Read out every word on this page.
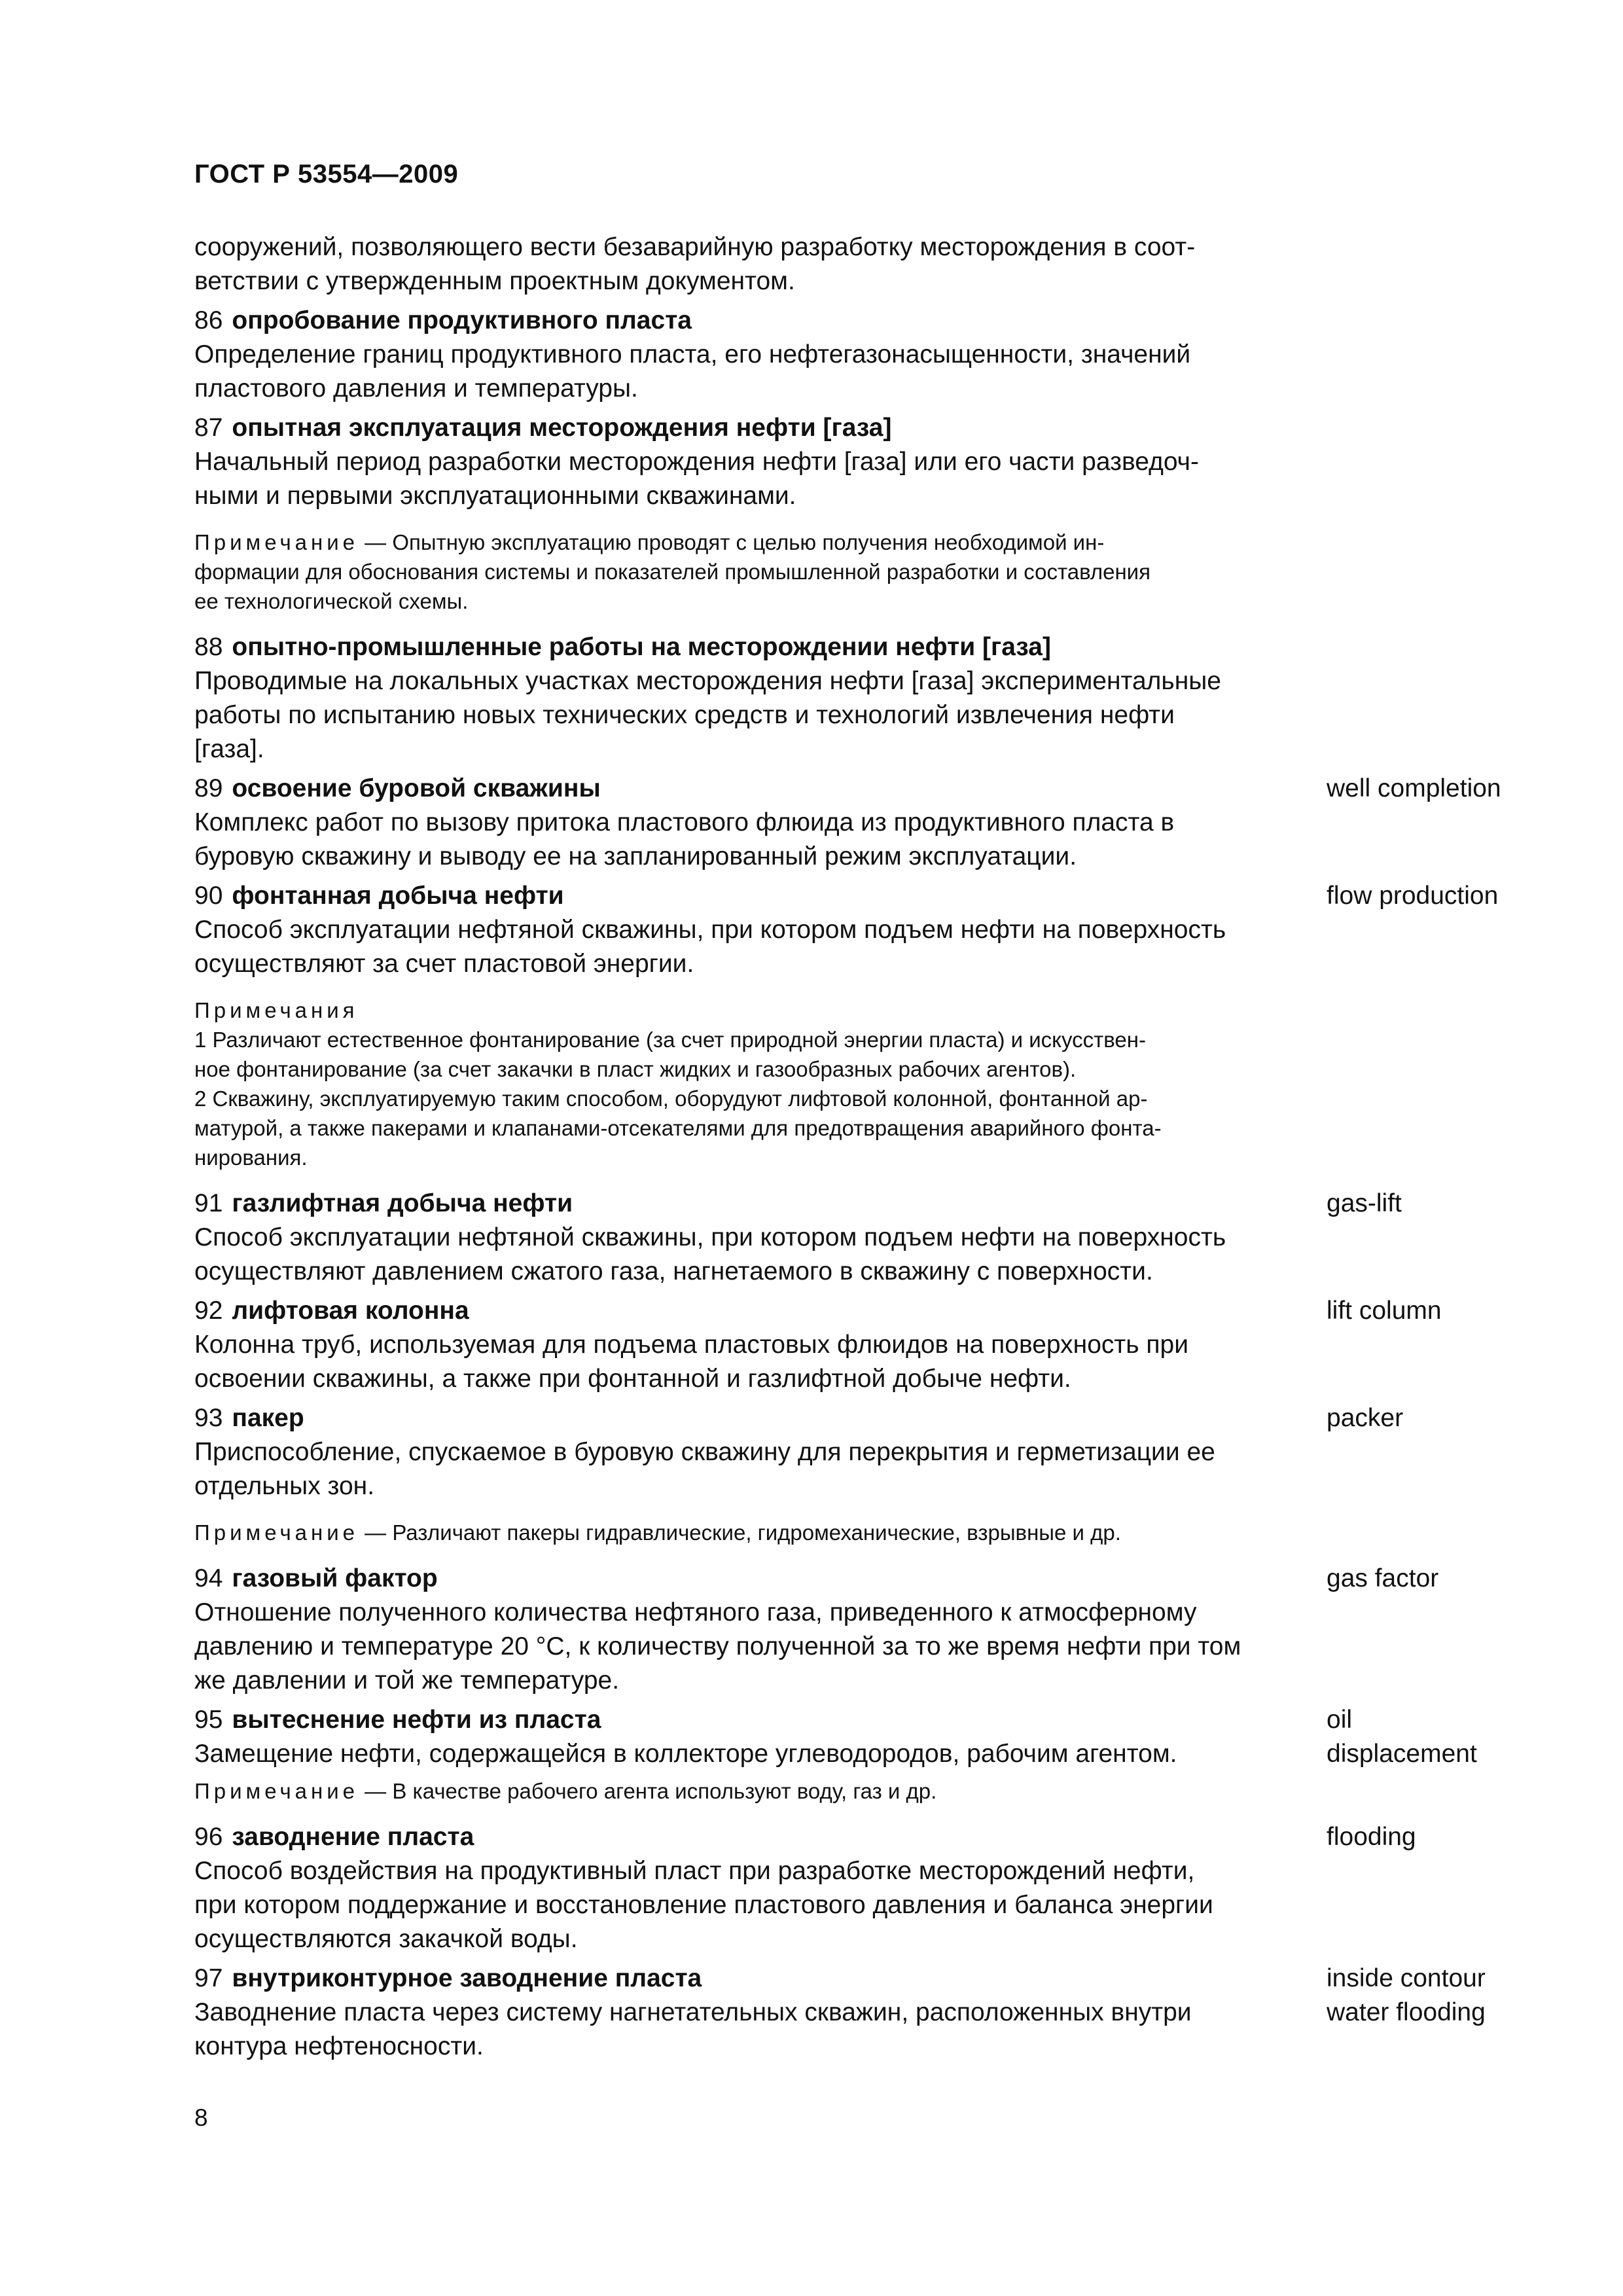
ГОСТ Р 53554—2009
сооружений, позволяющего вести безаварийную разработку месторождения в соот-
ветствии с утвержденным проектным документом.
86 опробование продуктивного пласта
Определение границ продуктивного пласта, его нефтегазонасыщенности, значений
пластового давления и температуры.
87 опытная эксплуатация месторождения нефти [газа]
Начальный период разработки месторождения нефти [газа] или его части разведоч-
ными и первыми эксплуатационными скважинами.
Примечание — Опытную эксплуатацию проводят с целью получения необходимой ин-
формации для обоснования системы и показателей промышленной разработки и составления
ее технологической схемы.
88 опытно-промышленные работы на месторождении нефти [газа]
Проводимые на локальных участках месторождения нефти [газа] экспериментальные
работы по испытанию новых технических средств и технологий извлечения нефти
[газа].
89 освоение буровой скважины
Комплекс работ по вызову притока пластового флюида из продуктивного пласта в
буровую скважину и выводу ее на запланированный режим эксплуатации.
well completion
90 фонтанная добыча нефти
Способ эксплуатации нефтяной скважины, при котором подъем нефти на поверхность
осуществляют за счет пластовой энергии.
flow production
Примечания
1 Различают естественное фонтанирование (за счет природной энергии пласта) и искусствен-
ное фонтанирование (за счет закачки в пласт жидких и газообразных рабочих агентов).
2 Скважину, эксплуатируемую таким способом, оборудуют лифтовой колонной, фонтанной ар-
матурой, а также пакерами и клапанами-отсекателями для предотвращения аварийного фонта-
нирования.
91 газлифтная добыча нефти
Способ эксплуатации нефтяной скважины, при котором подъем нефти на поверхность
осуществляют давлением сжатого газа, нагнетаемого в скважину с поверхности.
gas-lift
92 лифтовая колонна
Колонна труб, используемая для подъема пластовых флюидов на поверхность при
освоении скважины, а также при фонтанной и газлифтной добыче нефти.
lift column
93 пакер
Приспособление, спускаемое в буровую скважину для перекрытия и герметизации ее
отдельных зон.
packer
Примечание — Различают пакеры гидравлические, гидромеханические, взрывные и др.
94 газовый фактор
Отношение полученного количества нефтяного газа, приведенного к атмосферному
давлению и температуре 20 °С, к количеству полученной за то же время нефти при том
же давлении и той же температуре.
gas factor
95 вытеснение нефти из пласта
Замещение нефти, содержащейся в коллекторе углеводородов, рабочим агентом.
oil
displacement
Примечание — В качестве рабочего агента используют воду, газ и др.
96 заводнение пласта
Способ воздействия на продуктивный пласт при разработке месторождений нефти,
при котором поддержание и восстановление пластового давления и баланса энергии
осуществляются закачкой воды.
flooding
97 внутриконтурное заводнение пласта
Заводнение пласта через систему нагнетательных скважин, расположенных внутри
контура нефтеносности.
inside contour
water flooding
8
